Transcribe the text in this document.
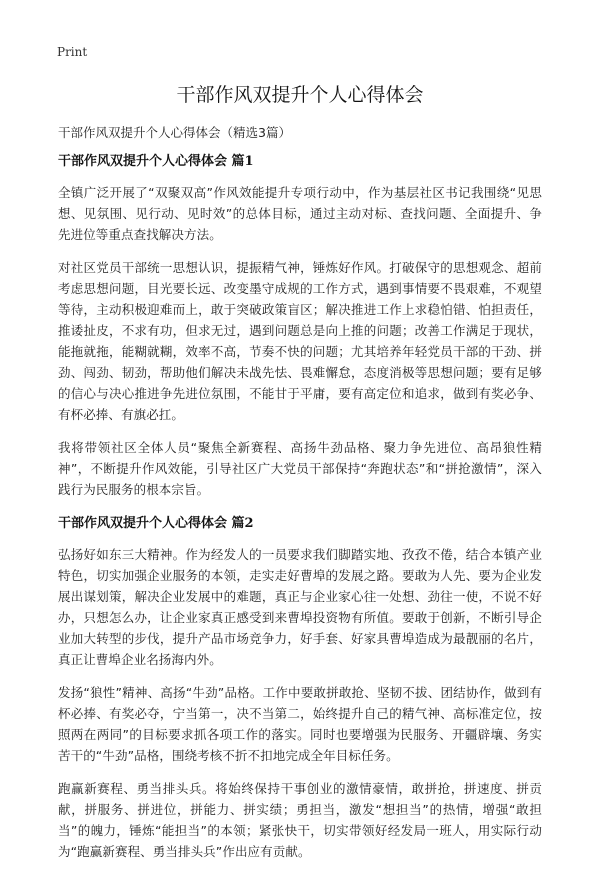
Print
干部作风双提升个人心得体会
干部作风双提升个人心得体会（精选3篇）
干部作风双提升个人心得体会 篇1

全镇广泛开展了“双聚双高”作风效能提升专项行动中，作为基层社区书记我围绕“见思想、见氛围、见行动、见时效”的总体目标，通过主动对标、查找问题、全面提升、争先进位等重点查找解决方法。

对社区党员干部统一思想认识，提振精气神，锤炼好作风。打破保守的思想观念、超前考虑思想问题，目光要长远、改变墨守成规的工作方式，遇到事情要不畏艰难，不观望等待，主动积极迎难而上，敢于突破政策盲区；解决推进工作上求稳怕错、怕担责任，推诿扯皮，不求有功，但求无过，遇到问题总是向上推的问题；改善工作满足于现状，能拖就拖，能糊就糊，效率不高，节奏不快的问题；尤其培养年轻党员干部的干劲、拼劲、闯劲、韧劲，帮助他们解决未战先怯、畏难懈怠，态度消极等思想问题；要有足够的信心与决心推进争先进位氛围，不能甘于平庸，要有高定位和追求，做到有奖必争、有杯必捧、有旗必扛。

我将带领社区全体人员“聚焦全新赛程、高扬牛劲品格、聚力争先进位、高昂狼性精神”，不断提升作风效能，引导社区广大党员干部保持“奔跑状态”和“拼抢激情”，深入践行为民服务的根本宗旨。

干部作风双提升个人心得体会 篇2

弘扬好如东三大精神。作为经发人的一员要求我们脚踏实地、孜孜不倦，结合本镇产业特色，切实加强企业服务的本领，走实走好曹埠的发展之路。要敢为人先、要为企业发展出谋划策，解决企业发展中的难题，真正与企业家心往一处想、劲往一使，不说不好办，只想怎么办，让企业家真正感受到来曹埠投资物有所值。要敢于创新，不断引导企业加大转型的步伐，提升产品市场竞争力，好手套、好家具曹埠造成为最靓丽的名片，真正让曹埠企业名扬海内外。

发扬“狼性”精神、高扬“牛劲”品格。工作中要敢拼敢抢、坚韧不拔、团结协作，做到有杯必捧、有奖必夺，宁当第一，决不当第二，始终提升自己的精气神、高标准定位，按照两在两同”的目标要求抓各项工作的落实。同时也要增强为民服务、开疆辟壤、务实苦干的“牛劲”品格，围绕考核不折不扣地完成全年目标任务。

跑赢新赛程、勇当排头兵。将始终保持干事创业的激情豪情，敢拼抢，拼速度、拼贡献，拼服务、拼进位，拼能力、拼实绩；勇担当，激发“想担当”的热情，增强“敢担当”的魄力，锤炼“能担当”的本领；紧张快干，切实带领好经发局一班人，用实际行动为“跑赢新赛程、勇当排头兵”作出应有贡献。
